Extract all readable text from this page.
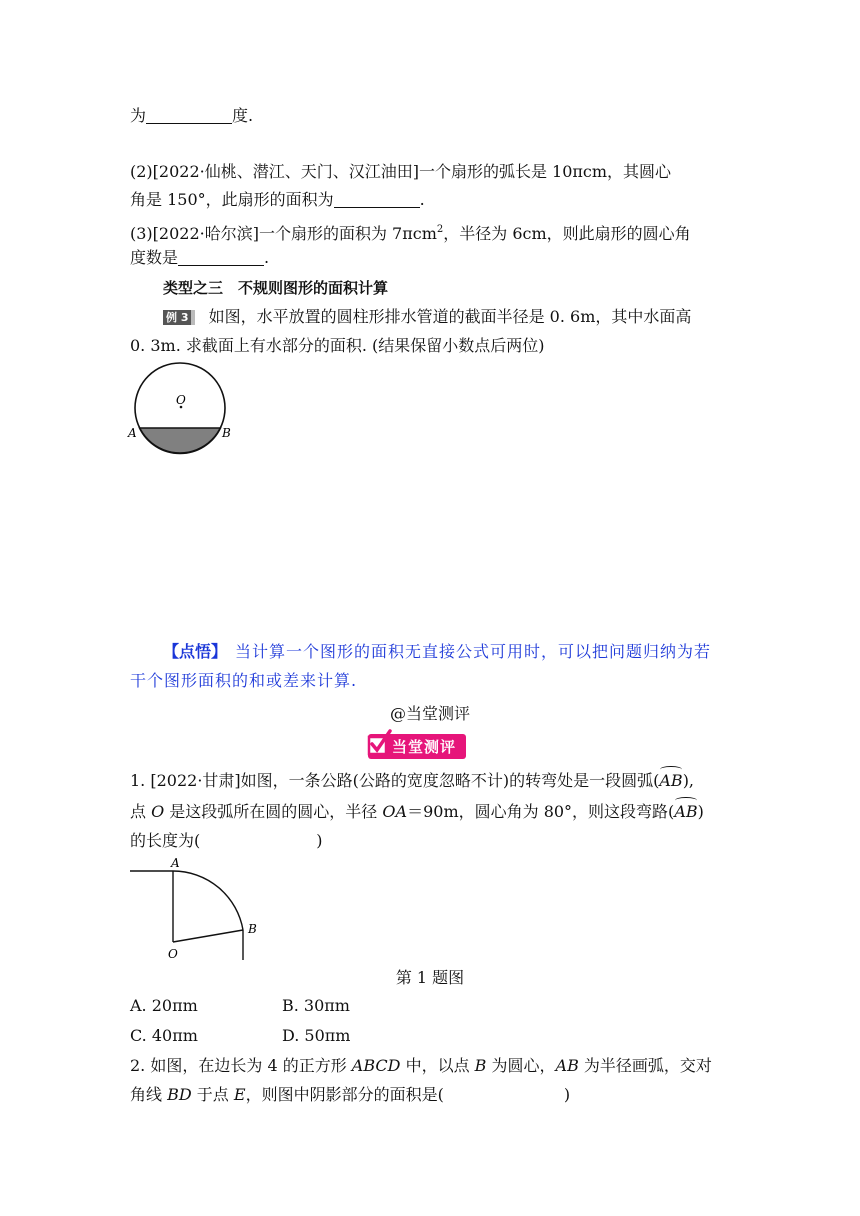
为	度.
(2)[2022·仙桃、潜江、天门、汉江油田]一个扇形的弧长是 10πcm，其圆心
角是 150°，此扇形的面积为	.
(3)[2022·哈尔滨]一个扇形的面积为 7πcm$^2$，半径为 6cm，则此扇形的圆心角
度数是	.
类型之三　不规则图形的面积计算
例 3 如图，水平放置的圆柱形排水管道的截面半径是 0. 6m，其中水面高
0. 3m. 求截面上有水部分的面积. (结果保留小数点后两位)
O
A	B
【点悟】 当计算一个图形的面积无直接公式可用时，可以把问题归纳为若
干个图形面积的和或差来计算.
@当堂测评
当堂测评
1. [2022·甘肃]如图，一条公路(公路的宽度忽略不计)的转弯处是一段圆弧(AB),
点 O 是这段弧所在圆的圆心，半径 OA＝90m，圆心角为 80°，则这段弯路(AB)
的长度为(	)
A
B
O
第 1 题图
A. 20πm	B. 30πm
C. 40πm	D. 50πm
2. 如图，在边长为 4 的正方形 ABCD 中，以点 B 为圆心，AB 为半径画弧，交对
角线 BD 于点 E，则图中阴影部分的面积是(	)
